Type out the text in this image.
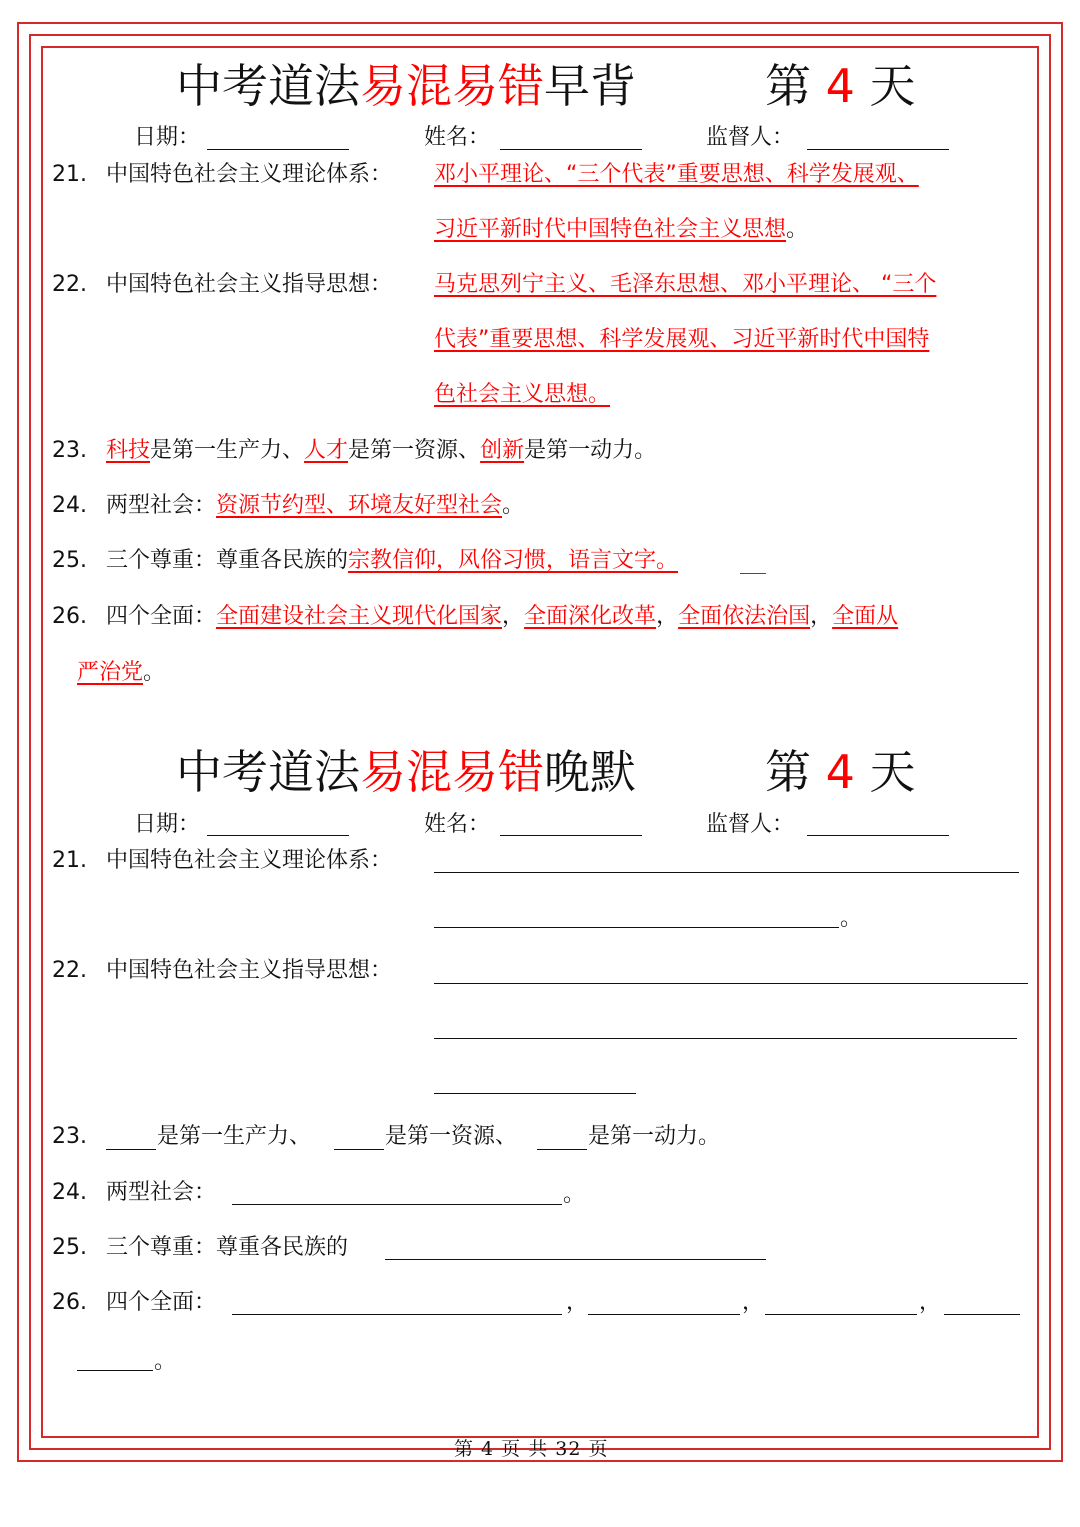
中考道法易混易错早背	第 4 天
日期：	姓名：	监督人：
21. 中国特色社会主义理论体系： 邓小平理论、“三个代表”重要思想、科学发展观、
习近平新时代中国特色社会主义思想。
22. 中国特色社会主义指导思想： 马克思列宁主义、毛泽东思想、邓小平理论、 “三个
代表”重要思想、科学发展观、习近平新时代中国特
色社会主义思想。
23. 科技是第一生产力、人才是第一资源、创新是第一动力。
24. 两型社会：资源节约型、环境友好型社会。
25. 三个尊重：尊重各民族的宗教信仰，风俗习惯，语言文字。
26. 四个全面：全面建设社会主义现代化国家，全面深化改革，全面依法治国，全面从
严治党。
中考道法易混易错晚默	第 4 天
日期：	姓名：	监督人：
21. 中国特色社会主义理论体系：
。
22. 中国特色社会主义指导思想：
23.	是第一生产力、	是第一资源、	是第一动力。
24. 两型社会：	。
25. 三个尊重：尊重各民族的
26. 四个全面：	，	，	，
。
第 4 页 共 32 页
